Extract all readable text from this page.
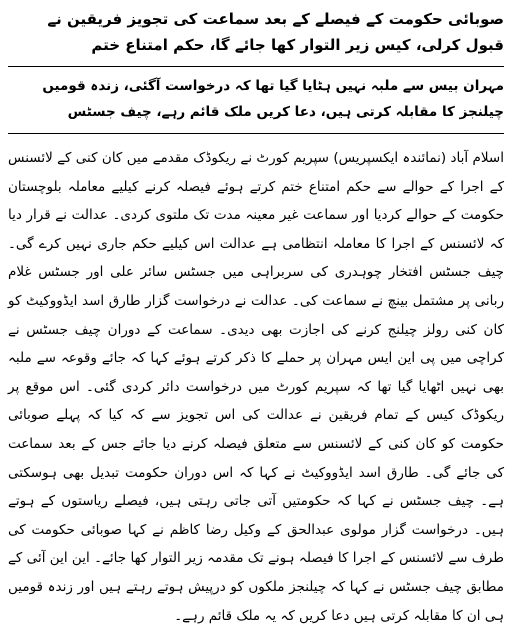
صوبائی حکومت کے فیصلے کے بعد سماعت کی تجویز فریقین نے قبول کرلی، کیس زیر التوار کھا جائے گا، حکم امتناع ختم

مہران بیس سے ملبہ نہیں ہٹایا گیا تھا کہ درخواست آگئی، زندہ قومیں چیلنجز کا مقابلہ کرتی ہیں، دعا کریں ملک قائم رہے، چیف جسٹس

اسلام آباد (نمائندہ ایکسپریس) سپریم کورٹ نے ریکوڈک مقدمے میں کان کنی کے لائسنس کے اجرا کے حوالے سے حکم امتناع ختم کرتے ہوئے فیصلہ کرنے کیلیے معاملہ بلوچستان حکومت کے حوالے کردیا اور سماعت غیر معینہ مدت تک ملتوی کردی۔ عدالت نے قرار دیا کہ لائسنس کے اجرا کا معاملہ انتظامی ہے عدالت اس کیلیے حکم جاری نہیں کرے گی۔ چیف جسٹس افتخار چوہدری کی سربراہی میں جسٹس سائر علی اور جسٹس غلام ربانی پر مشتمل بینچ نے سماعت کی۔ عدالت نے درخواست گزار طارق اسد ایڈووکیٹ کو کان کنی رولز چیلنج کرنے کی اجازت بھی دیدی۔ سماعت کے دوران چیف جسٹس نے کراچی میں پی این ایس مہران پر حملے کا ذکر کرتے ہوئے کہا کہ جائے وقوعہ سے ملبہ بھی نہیں اٹھایا گیا تھا کہ سپریم کورٹ میں درخواست دائر کردی گئی۔ اس موقع پر ریکوڈک کیس کے تمام فریقین نے عدالت کی اس تجویز سے کہ کیا کہ پہلے صوبائی حکومت کو کان کنی کے لائسنس سے متعلق فیصلہ کرنے دیا جائے جس کے بعد سماعت کی جائے گی۔ طارق اسد ایڈووکیٹ نے کہا کہ اس دوران حکومت تبدیل بھی ہوسکتی ہے۔ چیف جسٹس نے کہا کہ حکومتیں آتی جاتی رہتی ہیں، فیصلے ریاستوں کے ہوتے ہیں۔ درخواست گزار مولوی عبدالحق کے وکیل رضا کاظم نے کہا صوبائی حکومت کی طرف سے لائسنس کے اجرا کا فیصلہ ہونے تک مقدمہ زیر التوار کھا جائے۔ این این آئی کے مطابق چیف جسٹس نے کہا کہ چیلنجز ملکوں کو درپیش ہوتے رہتے ہیں اور زندہ قومیں ہی ان کا مقابلہ کرتی ہیں دعا کریں کہ یہ ملک قائم رہے۔
